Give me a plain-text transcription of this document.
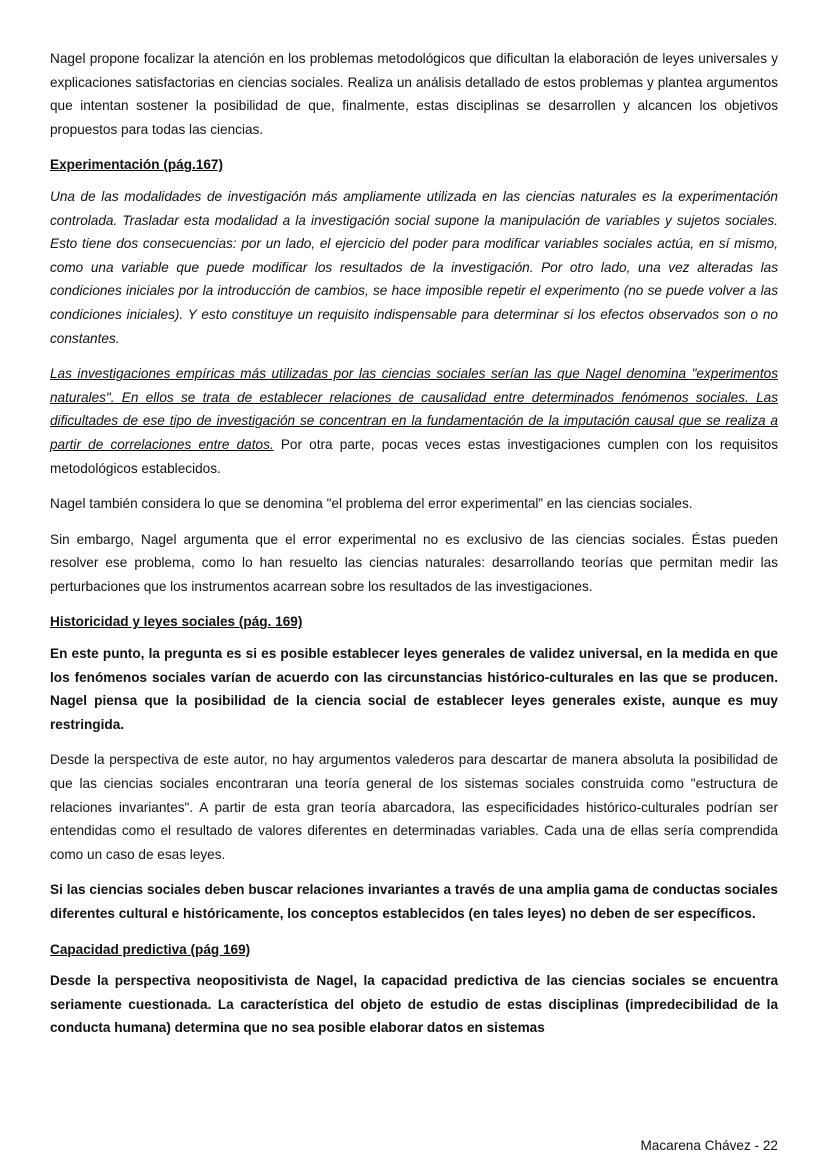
Nagel propone focalizar la atención en los problemas metodológicos que dificultan la elaboración de leyes universales y explicaciones satisfactorias en ciencias sociales. Realiza un análisis detallado de estos problemas y plantea argumentos que intentan sostener la posibilidad de que, finalmente, estas disciplinas se desarrollen y alcancen los objetivos propuestos para todas las ciencias.

Experimentación (pág.167)

Una de las modalidades de investigación más ampliamente utilizada en las ciencias naturales es la experimentación controlada. Trasladar esta modalidad a la investigación social supone la manipulación de variables y sujetos sociales. Esto tiene dos consecuencias: por un lado, el ejercicio del poder para modificar variables sociales actúa, en sí mismo, como una variable que puede modificar los resultados de la investigación. Por otro lado, una vez alteradas las condiciones iniciales por la introducción de cambios, se hace imposible repetir el experimento (no se puede volver a las condiciones iniciales). Y esto constituye un requisito indispensable para determinar si los efectos observados son o no constantes.

Las investigaciones empíricas más utilizadas por las ciencias sociales serían las que Nagel denomina "experimentos naturales". En ellos se trata de establecer relaciones de causalidad entre determinados fenómenos sociales. Las dificultades de ese tipo de investigación se concentran en la fundamentación de la imputación causal que se realiza a partir de correlaciones entre datos. Por otra parte, pocas veces estas investigaciones cumplen con los requisitos metodológicos establecidos.

Nagel también considera lo que se denomina "el problema del error experimental” en las ciencias sociales.

Sin embargo, Nagel argumenta que el error experimental no es exclusivo de las ciencias sociales. Éstas pueden resolver ese problema, como lo han resuelto las ciencias naturales: desarrollando teorías que permitan medir las perturbaciones que los instrumentos acarrean sobre los resultados de las investigaciones.

Historicidad y leyes sociales (pág. 169)

En este punto, la pregunta es si es posible establecer leyes generales de validez universal, en la medida en que los fenómenos sociales varían de acuerdo con las circunstancias histórico-culturales en las que se producen. Nagel piensa que la posibilidad de la ciencia social de establecer leyes generales existe, aunque es muy restringida.

Desde la perspectiva de este autor, no hay argumentos valederos para descartar de manera absoluta la posibilidad de que las ciencias sociales encontraran una teoría general de los sistemas sociales construida como "estructura de relaciones invariantes". A partir de esta gran teoría abarcadora, las especificidades histórico-culturales podrían ser entendidas como el resultado de valores diferentes en determinadas variables. Cada una de ellas sería comprendida como un caso de esas leyes.

Si las ciencias sociales deben buscar relaciones invariantes a través de una amplia gama de conductas sociales diferentes cultural e históricamente, los conceptos establecidos (en tales leyes) no deben de ser específicos.

Capacidad predictiva (pág 169)

Desde la perspectiva neopositivista de Nagel, la capacidad predictiva de las ciencias sociales se encuentra seriamente cuestionada. La característica del objeto de estudio de estas disciplinas (impredecibilidad de la conducta humana) determina que no sea posible elaborar datos en sistemas

Macarena Chávez - 22
